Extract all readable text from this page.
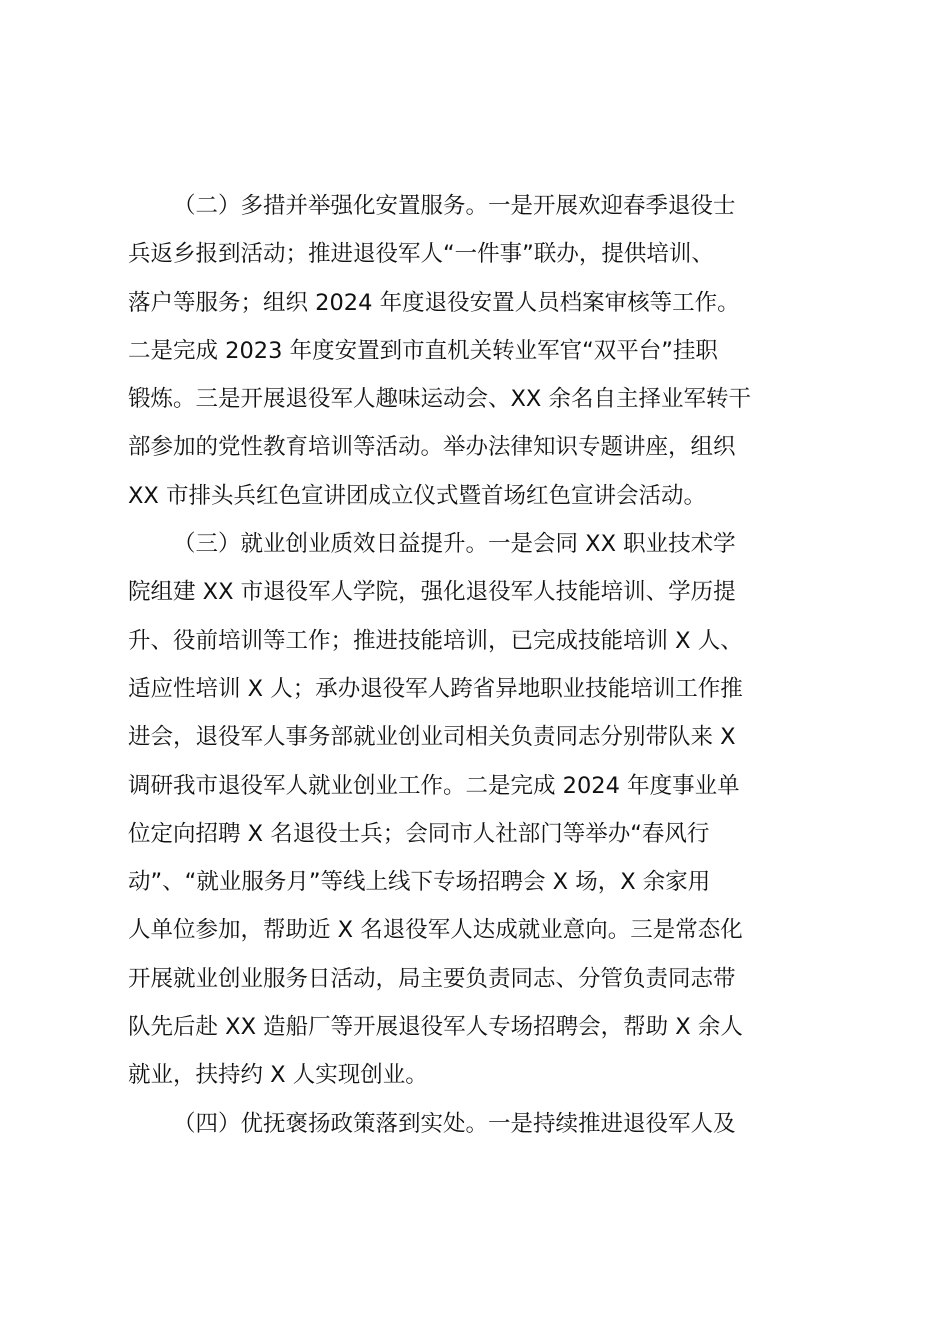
（二）多措并举强化安置服务。一是开展欢迎春季退役士
兵返乡报到活动；推进退役军人“一件事”联办，提供培训、
落户等服务；组织 2024 年度退役安置人员档案审核等工作。
二是完成 2023 年度安置到市直机关转业军官“双平台”挂职
锻炼。三是开展退役军人趣味运动会、XX 余名自主择业军转干
部参加的党性教育培训等活动。举办法律知识专题讲座，组织
XX 市排头兵红色宣讲团成立仪式暨首场红色宣讲会活动。
（三）就业创业质效日益提升。一是会同 XX 职业技术学
院组建 XX 市退役军人学院，强化退役军人技能培训、学历提
升、役前培训等工作；推进技能培训，已完成技能培训 X 人、
适应性培训 X 人；承办退役军人跨省异地职业技能培训工作推
进会，退役军人事务部就业创业司相关负责同志分别带队来 X
调研我市退役军人就业创业工作。二是完成 2024 年度事业单
位定向招聘 X 名退役士兵；会同市人社部门等举办“春风行
动”、“就业服务月”等线上线下专场招聘会 X 场，X 余家用
人单位参加，帮助近 X 名退役军人达成就业意向。三是常态化
开展就业创业服务日活动，局主要负责同志、分管负责同志带
队先后赴 XX 造船厂等开展退役军人专场招聘会，帮助 X 余人
就业，扶持约 X 人实现创业。
（四）优抚褒扬政策落到实处。一是持续推进退役军人及
